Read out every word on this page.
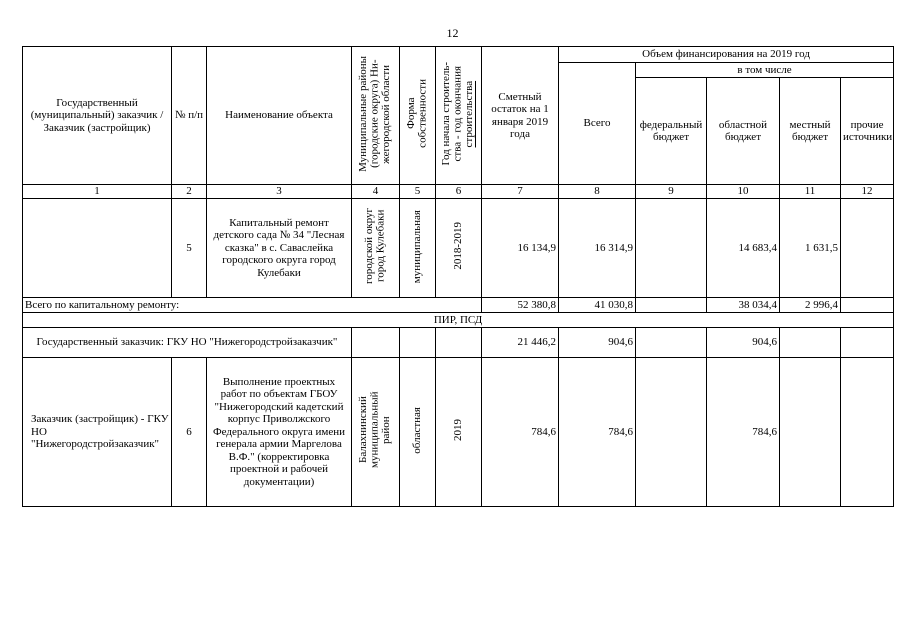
12
Государственный (муниципальный) заказчик / Заказчик (застройщик)	№ п/п	Наименование объекта	Муниципальные районы
(городские округа) Ни-
жегородской области	Форма
собственности	Год начала строитель-
ства - год окончания
строительства	Сметный остаток на 1 января 2019 года	Объем финансирования на 2019 год				
							Всего	в том числе			
								федеральный бюджет	областной бюджет	местный бюджет	прочие источники
1	2	3	4	5	6	7	8	9	10	11	12
	5	Капитальный ремонт детского сада № 34 "Лесная сказка" в с. Саваслейка городского округа город Кулебаки	городской округ город Кулебаки	муниципальная	2018-2019	16 134,9	16 314,9		14 683,4	1 631,5	
Всего по капитальному ремонту:						52 380,8	41 030,8		38 034,4	2 996,4	
ПИР, ПСД											
Государственный заказчик: ГКУ НО "Нижегородстройзаказчик"						21 446,2	904,6		904,6		
Заказчик (застройщик) - ГКУ НО "Нижегородстройзаказчик"	6	Выполнение проектных работ по объектам ГБОУ "Нижегородский кадетский корпус Приволжского Федерального округа имени генерала армии Маргелова В.Ф." (корректировка проектной и рабочей документации)	Балахнинский муниципальный район	областная	2019	784,6	784,6		784,6		
